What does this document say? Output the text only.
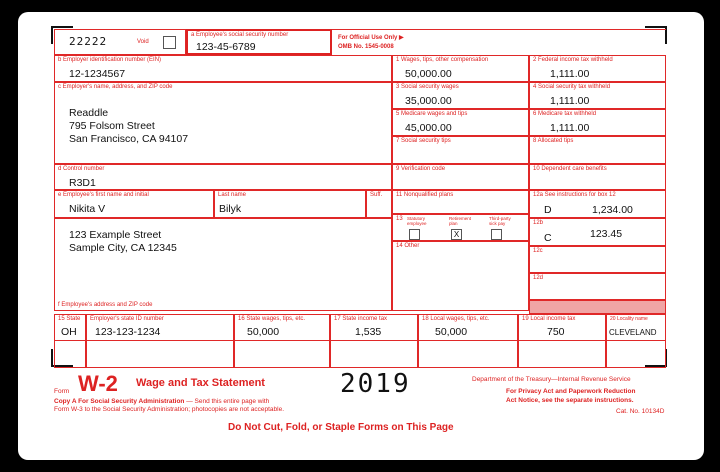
22222	Void
a Employee's social security number
123-45-6789
For Official Use Only ▶
OMB No. 1545-0008
b Employer identification number (EIN)
12-1234567
c Employer's name, address, and ZIP code
Readdle
795 Folsom Street
San Francisco, CA 94107
d Control number
R3D1
e Employee's first name and initial
Nikita V
Last name
Bilyk
Suff.
123 Example Street
Sample City, CA 12345
f Employee's address and ZIP code
1 Wages, tips, other compensation
50,000.00
2 Federal income tax withheld
1,111.00
3 Social security wages
35,000.00
4 Social security tax withheld
1,111.00
5 Medicare wages and tips
45,000.00
6 Medicare tax withheld
1,111.00
7 Social security tips	8 Allocated tips
9 Verification code	10 Dependent care benefits
11 Nonqualified plans
13 Statutory employee
Retirement plan
Third-party sick pay
X
14 Other
12a See instructions for box 12
D	1,234.00
12b
C	123.45
12c
12d
15 State
OH
Employer's state ID number
123-123-1234
16 State wages, tips, etc.
50,000
17 State income tax
1,535
18 Local wages, tips, etc.
50,000
19 Local income tax
750
20 Locality name
CLEVELAND
Form W-2 Wage and Tax Statement	2019	Department of the Treasury—Internal Revenue Service
Copy A For Social Security Administration — Send this entire page with
Form W-3 to the Social Security Administration; photocopies are not acceptable.
For Privacy Act and Paperwork Reduction
Act Notice, see the separate instructions.
Cat. No. 10134D
Do Not Cut, Fold, or Staple Forms on This Page
